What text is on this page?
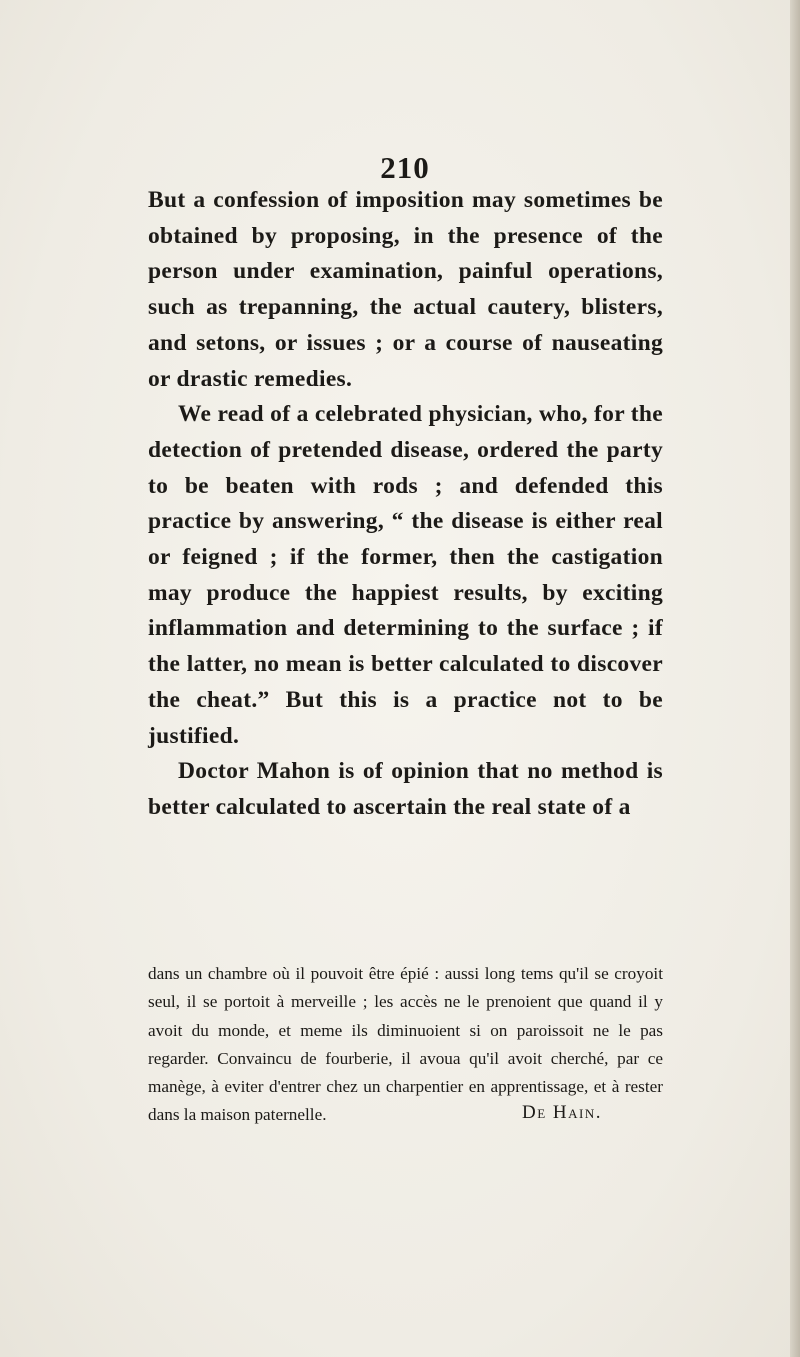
210

But a confession of imposition may sometimes be obtained by proposing, in the presence of the person under examination, painful operations, such as trepanning, the actual cautery, blisters, and setons, or issues ; or a course of nauseating or drastic remedies.

We read of a celebrated physician, who, for the detection of pretended disease, ordered the party to be beaten with rods ; and defended this practice by answering, “ the disease is either real or feigned ; if the former, then the castigation may produce the happiest results, by exciting inflammation and determining to the surface ; if the latter, no mean is better calculated to discover the cheat.” But this is a practice not to be justified.

Doctor Mahon is of opinion that no method is better calculated to ascertain the real state of a

dans un chambre où il pouvoit être épié : aussi long tems qu'il se croyoit seul, il se portoit à merveille ; les accès ne le prenoient que quand il y avoit du monde, et meme ils diminuoient si on paroissoit ne le pas regarder. Convaincu de fourberie, il avoua qu'il avoit cherché, par ce manège, à eviter d'entrer chez un charpentier en apprentissage, et à rester dans la maison paternelle.	De Hain.
